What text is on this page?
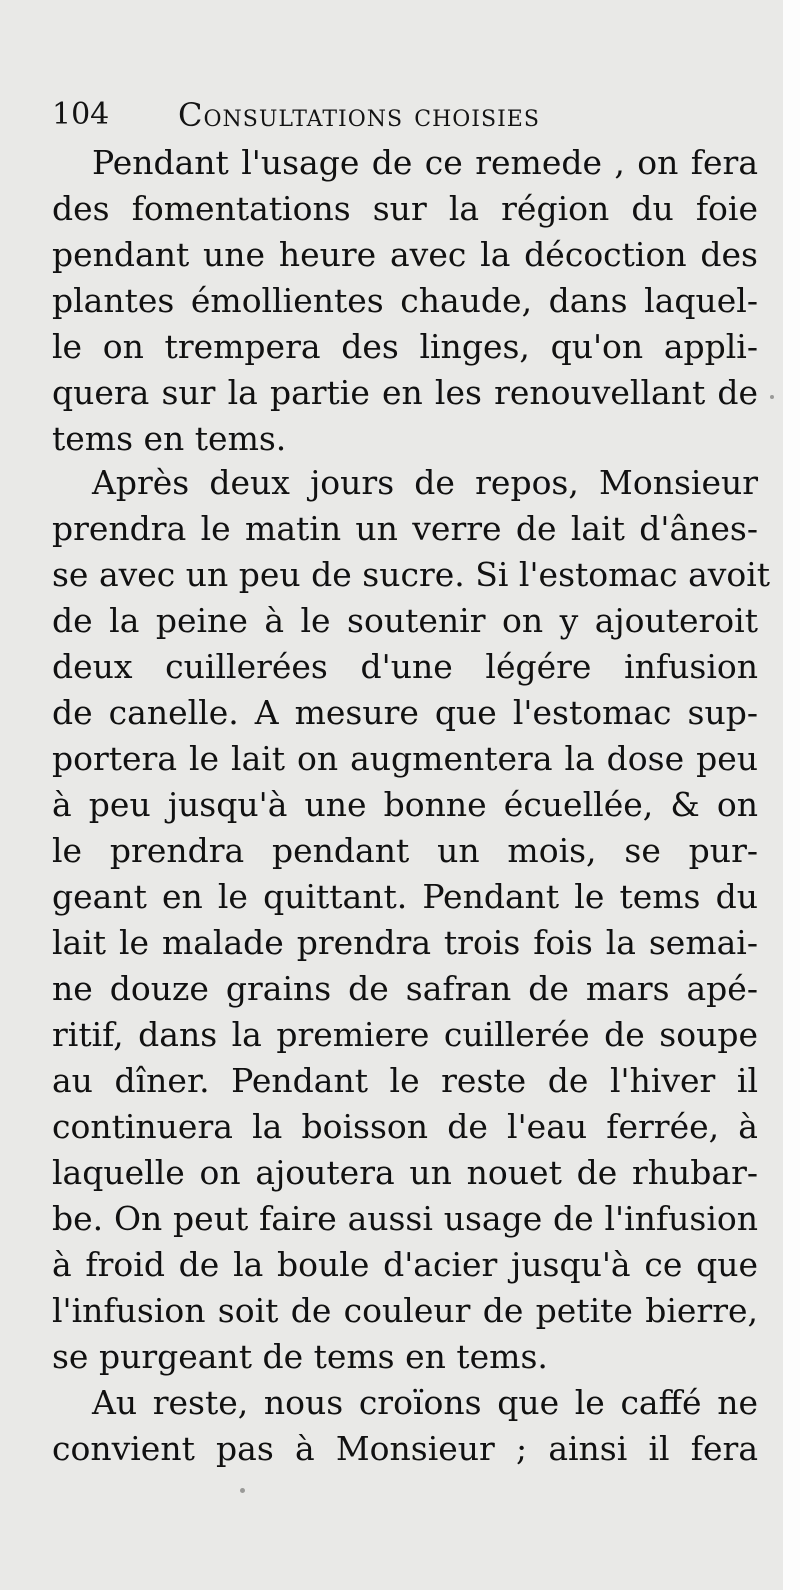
104 Consultations choisies
Pendant l'usage de ce remede , on fera
des fomentations sur la région du foie
pendant une heure avec la décoction des
plantes émollientes chaude, dans laquel-
le on trempera des linges, qu'on appli-
quera sur la partie en les renouvellant de
tems en tems.
Après deux jours de repos, Monsieur
prendra le matin un verre de lait d'ânes-
se avec un peu de sucre. Si l'estomac avoit
de la peine à le soutenir on y ajouteroit
deux cuillerées d'une légére infusion
de canelle. A mesure que l'estomac sup-
portera le lait on augmentera la dose peu
à peu jusqu'à une bonne écuellée, & on
le prendra pendant un mois, se pur-
geant en le quittant. Pendant le tems du
lait le malade prendra trois fois la semai-
ne douze grains de safran de mars apé-
ritif, dans la premiere cuillerée de soupe
au dîner. Pendant le reste de l'hiver il
continuera la boisson de l'eau ferrée, à
laquelle on ajoutera un nouet de rhubar-
be. On peut faire aussi usage de l'infusion
à froid de la boule d'acier jusqu'à ce que
l'infusion soit de couleur de petite bierre,
se purgeant de tems en tems.
Au reste, nous croïons que le caffé ne
convient pas à Monsieur ; ainsi il fera
